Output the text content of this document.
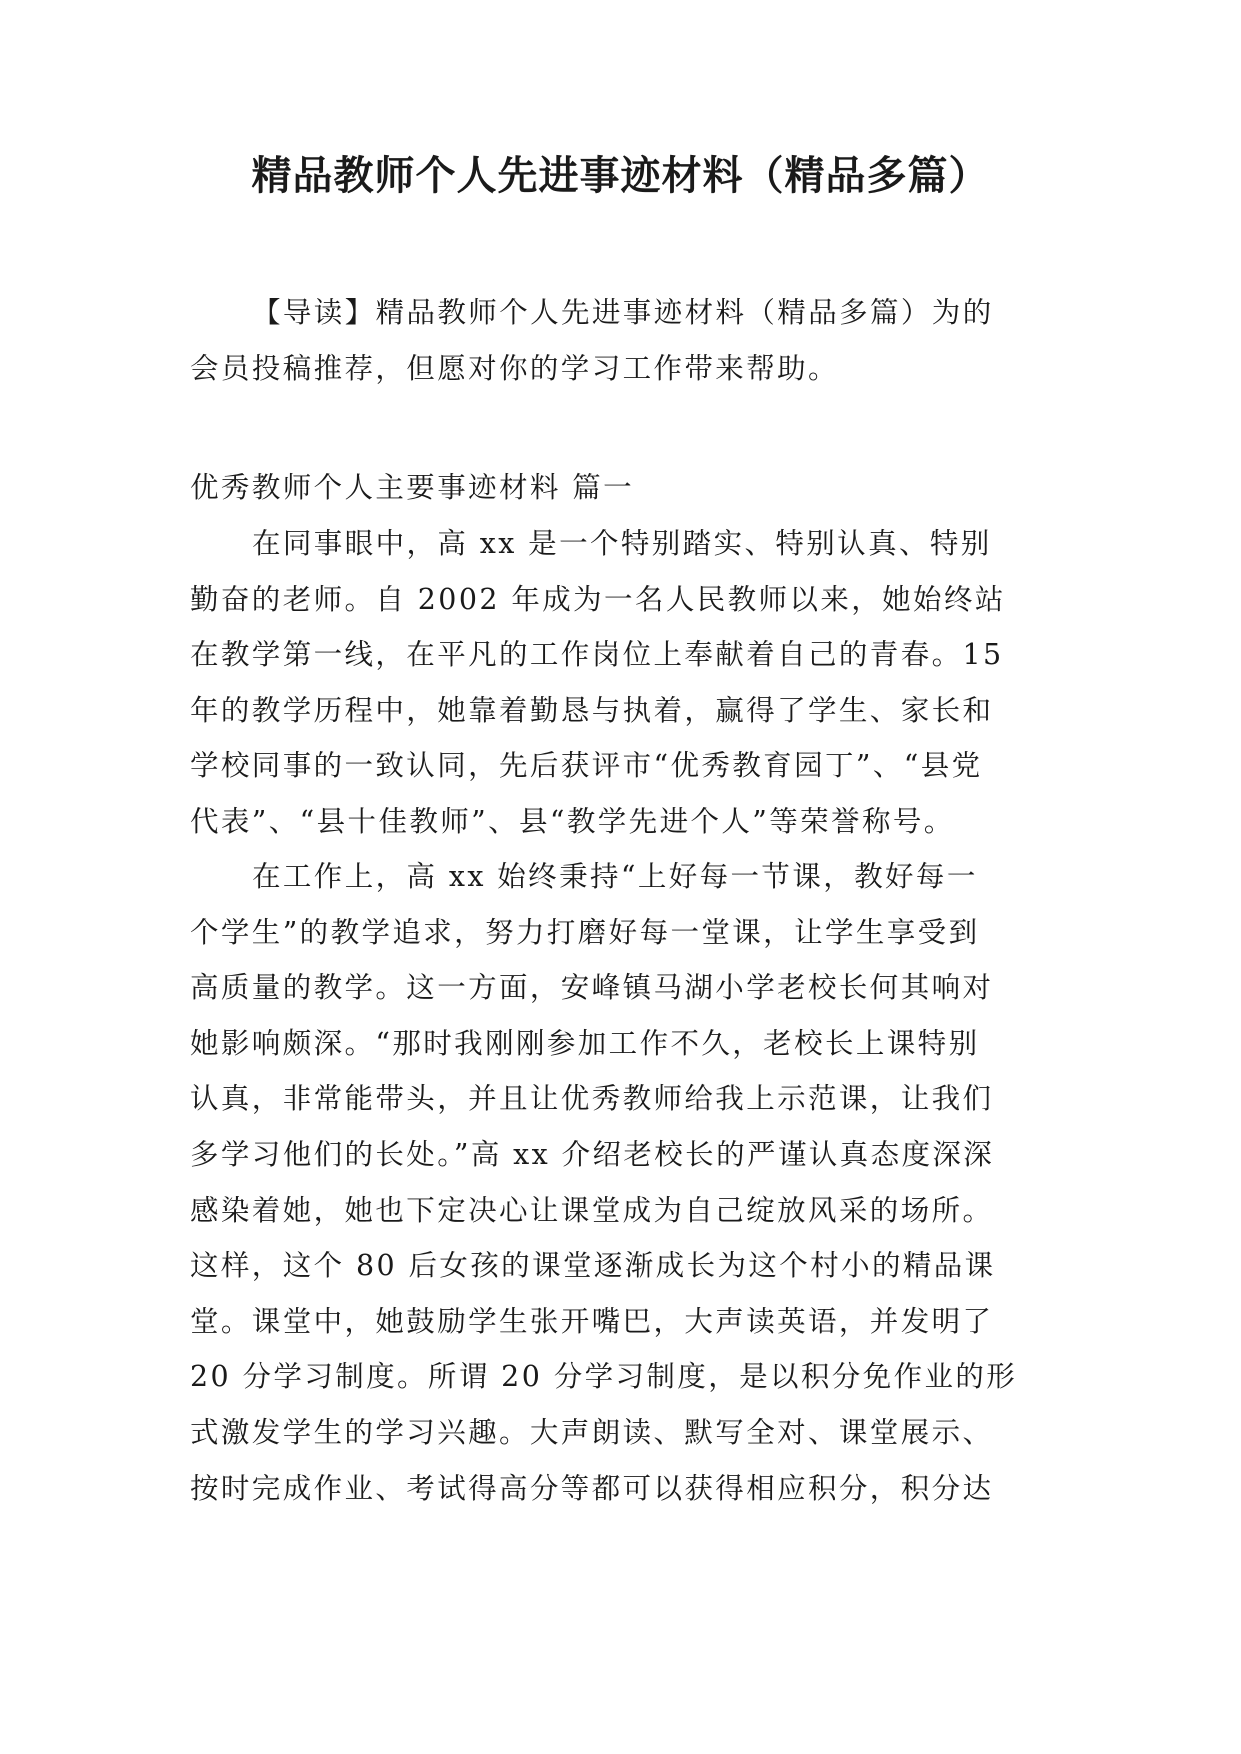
精品教师个人先进事迹材料（精品多篇）
【导读】精品教师个人先进事迹材料（精品多篇）为的
会员投稿推荐，但愿对你的学习工作带来帮助。
优秀教师个人主要事迹材料 篇一
在同事眼中，高 xx 是一个特别踏实、特别认真、特别
勤奋的老师。自 2002 年成为一名人民教师以来，她始终站
在教学第一线，在平凡的工作岗位上奉献着自己的青春。15
年的教学历程中，她靠着勤恳与执着，赢得了学生、家长和
学校同事的一致认同，先后获评市“优秀教育园丁”、“县党
代表”、“县十佳教师”、县“教学先进个人”等荣誉称号。
在工作上，高 xx 始终秉持“上好每一节课，教好每一
个学生”的教学追求，努力打磨好每一堂课，让学生享受到
高质量的教学。这一方面，安峰镇马湖小学老校长何其响对
她影响颇深。“那时我刚刚参加工作不久，老校长上课特别
认真，非常能带头，并且让优秀教师给我上示范课，让我们
多学习他们的长处。”高 xx 介绍老校长的严谨认真态度深深
感染着她，她也下定决心让课堂成为自己绽放风采的场所。
这样，这个 80 后女孩的课堂逐渐成长为这个村小的精品课
堂。课堂中，她鼓励学生张开嘴巴，大声读英语，并发明了
20 分学习制度。所谓 20 分学习制度，是以积分免作业的形
式激发学生的学习兴趣。大声朗读、默写全对、课堂展示、
按时完成作业、考试得高分等都可以获得相应积分，积分达
